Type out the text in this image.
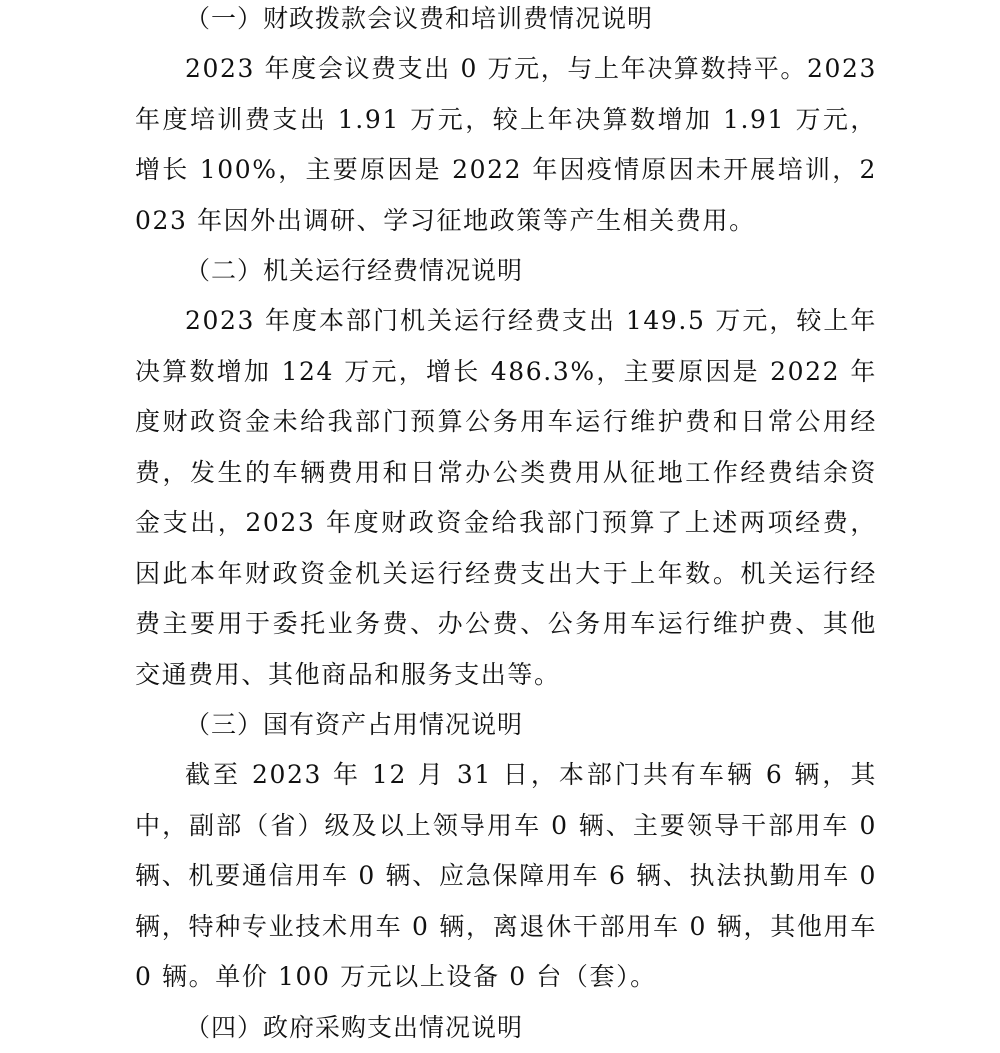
（一）财政拨款会议费和培训费情况说明

2023 年度会议费支出 0 万元，与上年决算数持平。2023 年度培训费支出 1.91 万元，较上年决算数增加 1.91 万元，增长 100%，主要原因是 2022 年因疫情原因未开展培训，2023 年因外出调研、学习征地政策等产生相关费用。

（二）机关运行经费情况说明

2023 年度本部门机关运行经费支出 149.5 万元，较上年决算数增加 124 万元，增长 486.3%，主要原因是 2022 年度财政资金未给我部门预算公务用车运行维护费和日常公用经费，发生的车辆费用和日常办公类费用从征地工作经费结余资金支出，2023 年度财政资金给我部门预算了上述两项经费，因此本年财政资金机关运行经费支出大于上年数。机关运行经费主要用于委托业务费、办公费、公务用车运行维护费、其他交通费用、其他商品和服务支出等。

（三）国有资产占用情况说明

截至 2023 年 12 月 31 日，本部门共有车辆 6 辆，其中，副部（省）级及以上领导用车 0 辆、主要领导干部用车 0 辆、机要通信用车 0 辆、应急保障用车 6 辆、执法执勤用车 0 辆，特种专业技术用车 0 辆，离退休干部用车 0 辆，其他用车 0 辆。单价 100 万元以上设备 0 台（套）。

（四）政府采购支出情况说明
